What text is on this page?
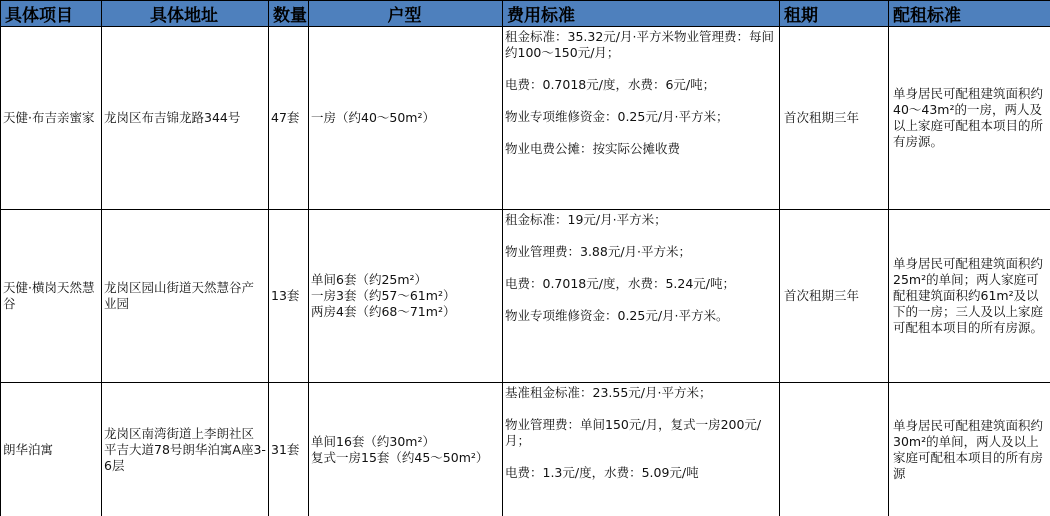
具体项目	具体地址	数量	户型	费用标准	租期	配租标准
天健·布吉亲蜜家	龙岗区布吉锦龙路344号	47套	一房（约40～50m²）	租金标准：35.32元/月·平方米物业管理费：每间约100～150元/月；

电费：0.7018元/度，水费：6元/吨；

物业专项维修资金：0.25元/月·平方米；

物业电费公摊：按实际公摊收费	首次租期三年	单身居民可配租建筑面积约40～43m²的一房，两人及以上家庭可配租本项目的所有房源。
天健·横岗天然慧谷	龙岗区园山街道天然慧谷产业园	13套	单间6套（约25m²）
一房3套（约57～61m²）
两房4套（约68～71m²）	租金标准：19元/月·平方米；

物业管理费：3.88元/月·平方米；

电费：0.7018元/度，水费：5.24元/吨；

物业专项维修资金：0.25元/月·平方米。	首次租期三年	单身居民可配租建筑面积约25m²的单间；两人家庭可配租建筑面积约61m²及以下的一房；三人及以上家庭可配租本项目的所有房源。
朗华泊寓	龙岗区南湾街道上李朗社区平吉大道78号朗华泊寓A座3-6层	31套	单间16套（约30m²）
复式一房15套（约45～50m²）	基准租金标准：23.55元/月·平方米；

物业管理费：单间150元/月，复式一房200元/月；

电费：1.3元/度，水费：5.09元/吨		单身居民可配租建筑面积约30m²的单间，两人及以上家庭可配租本项目的所有房源
